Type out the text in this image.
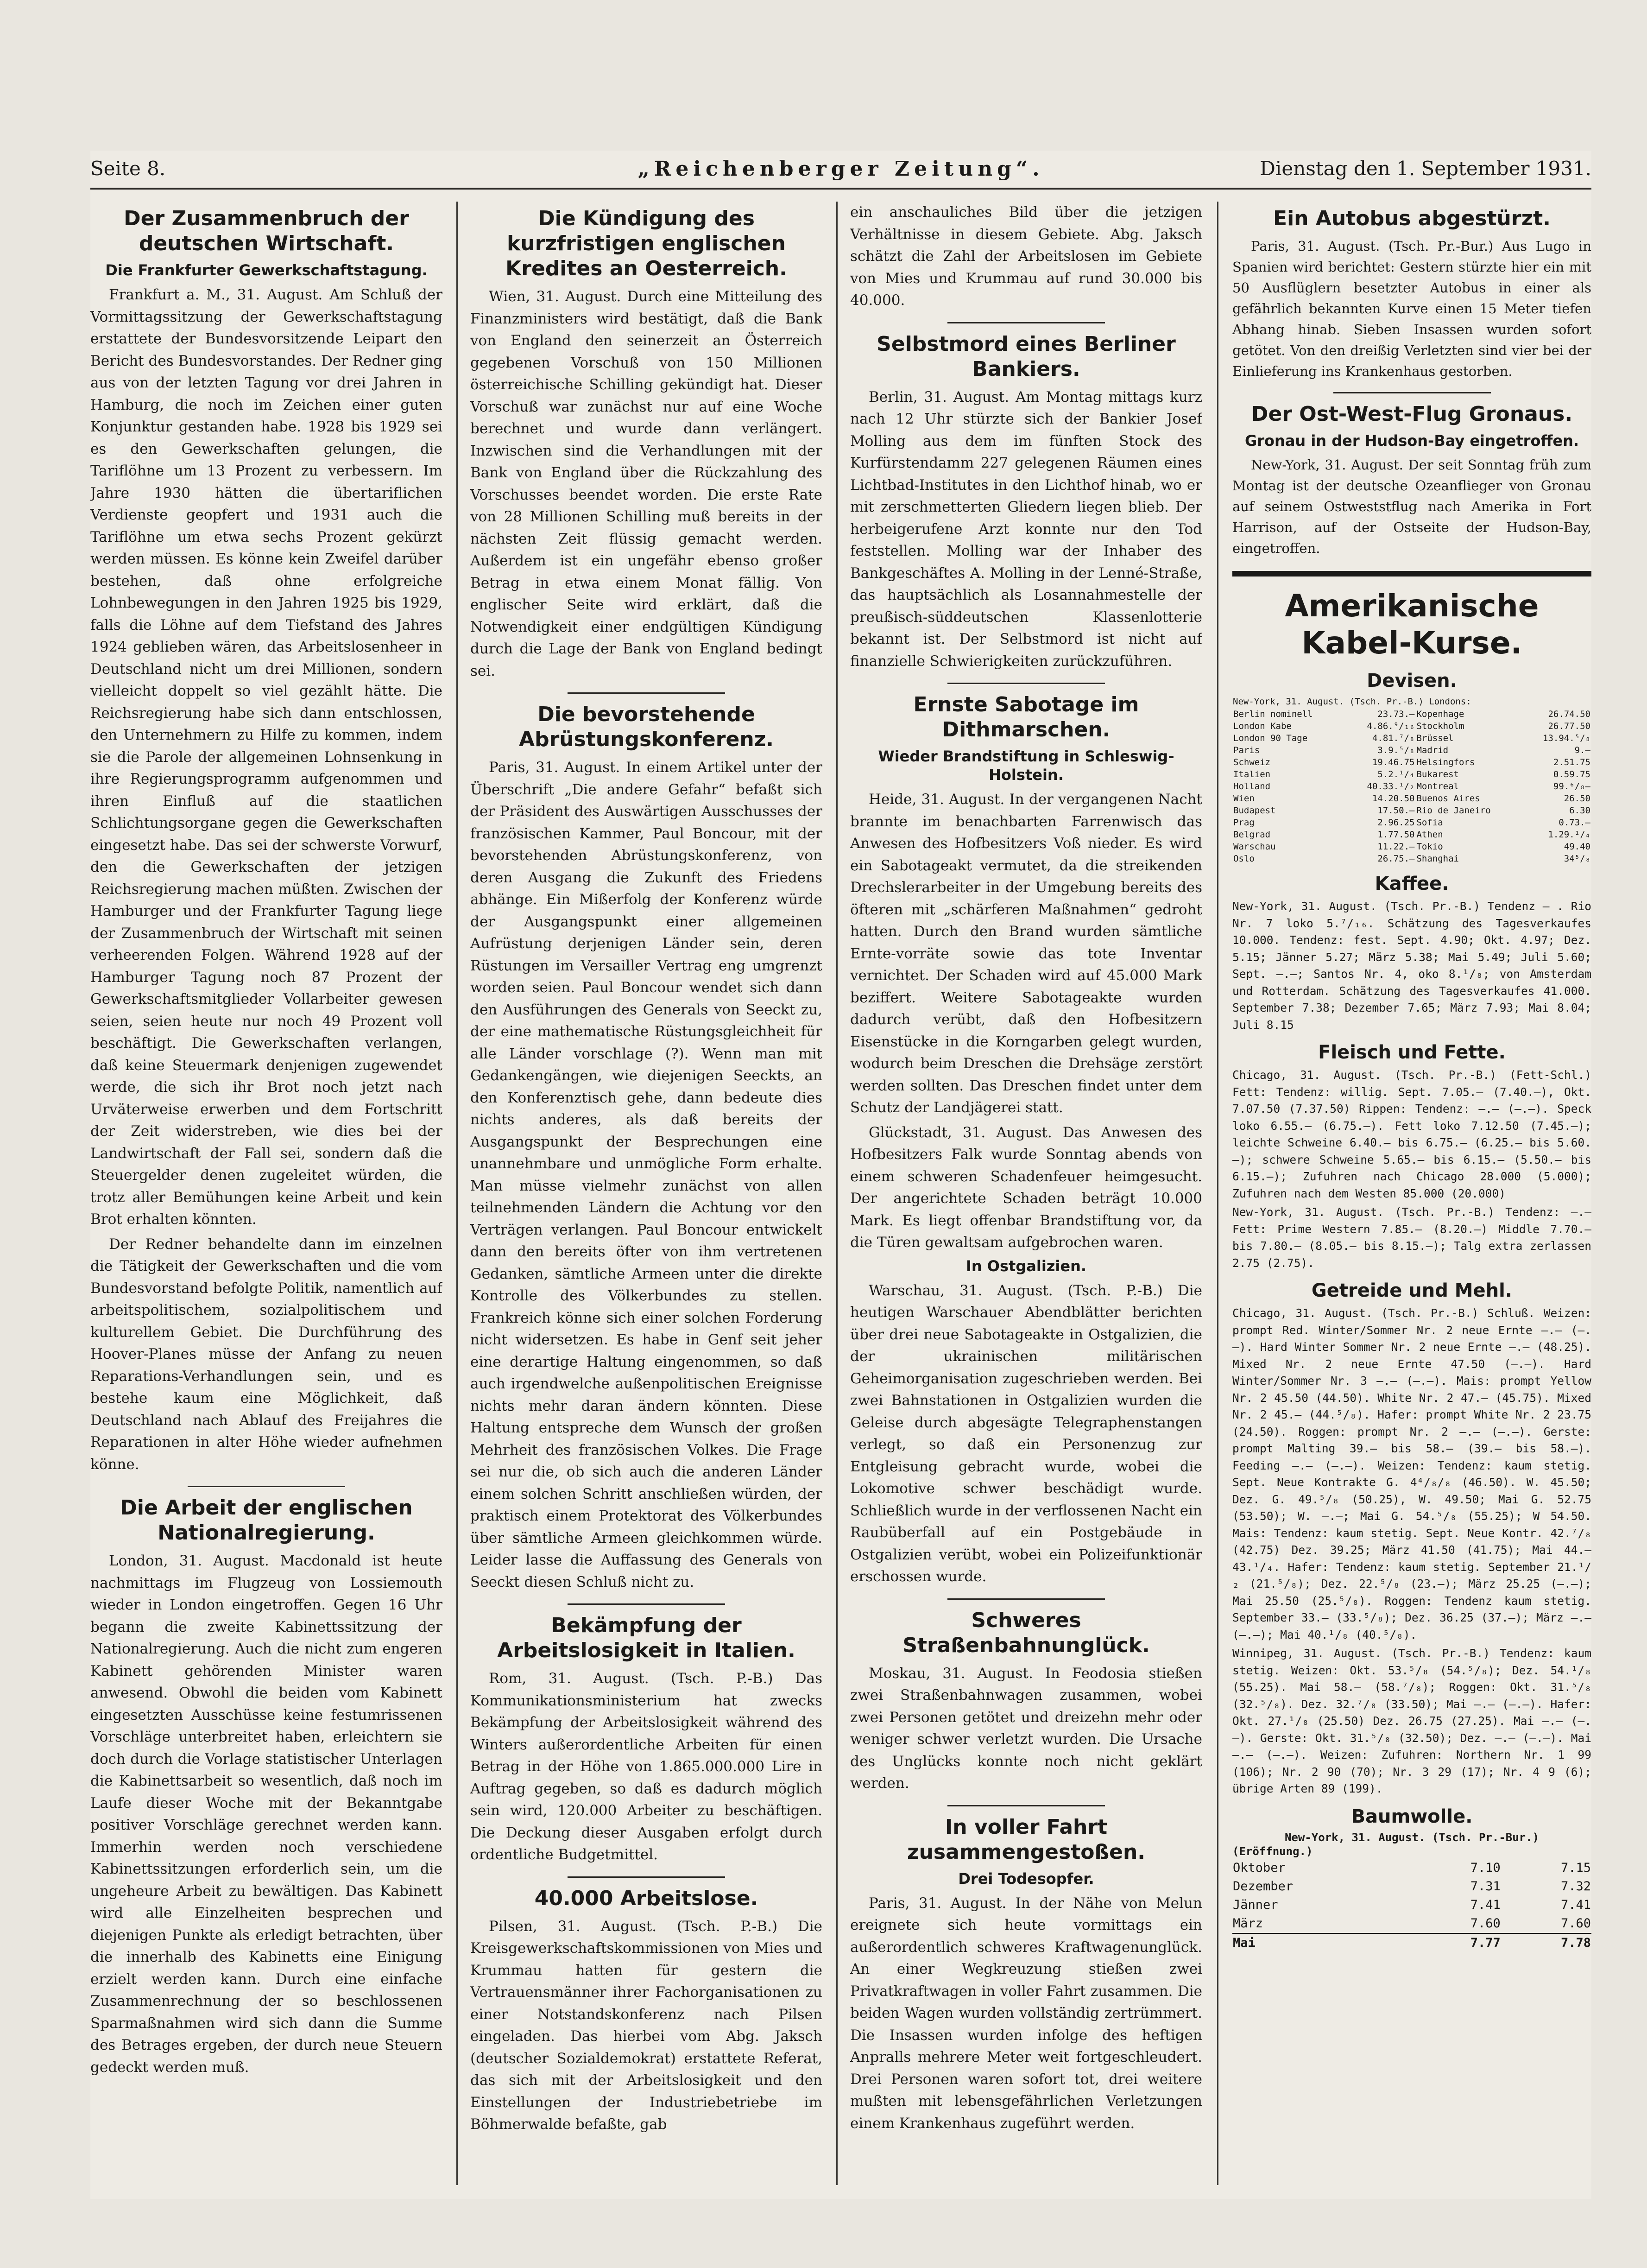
Seite 8.	„Reichenberger Zeitung“.	Dienstag den 1. September 1931.
Der Zusammenbruch der deutschen Wirtschaft.
Die Frankfurter Gewerkschaftstagung.

Frankfurt a. M., 31. August. Am Schluß der Vormittagssitzung der Gewerkschaftstagung erstattete der Bundesvorsitzende Leipart den Bericht des Bundesvorstandes. Der Redner ging aus von der letzten Tagung vor drei Jahren in Hamburg, die noch im Zeichen einer guten Konjunktur gestanden habe. 1928 bis 1929 sei es den Gewerkschaften gelungen, die Tariflöhne um 13 Prozent zu verbessern. Im Jahre 1930 hätten die übertariflichen Verdienste geopfert und 1931 auch die Tariflöhne um etwa sechs Prozent gekürzt werden müssen. Es könne kein Zweifel darüber bestehen, daß ohne erfolgreiche Lohnbewegungen in den Jahren 1925 bis 1929, falls die Löhne auf dem Tiefstand des Jahres 1924 geblieben wären, das Arbeitslosenheer in Deutschland nicht um drei Millionen, sondern vielleicht doppelt so viel gezählt hätte. Die Reichsregierung habe sich dann entschlossen, den Unternehmern zu Hilfe zu kommen, indem sie die Parole der allgemeinen Lohnsenkung in ihre Regierungsprogramm aufgenommen und ihren Einfluß auf die staatlichen Schlichtungsorgane gegen die Gewerkschaften eingesetzt habe. Das sei der schwerste Vorwurf, den die Gewerkschaften der jetzigen Reichsregierung machen müßten. Zwischen der Hamburger und der Frankfurter Tagung liege der Zusammenbruch der Wirtschaft mit seinen verheerenden Folgen. Während 1928 auf der Hamburger Tagung noch 87 Prozent der Gewerkschaftsmitglieder Vollarbeiter gewesen seien, seien heute nur noch 49 Prozent voll beschäftigt. Die Gewerkschaften verlangen, daß keine Steuermark denjenigen zugewendet werde, die sich ihr Brot noch jetzt nach Urväterweise erwerben und dem Fortschritt der Zeit widerstreben, wie dies bei der Landwirtschaft der Fall sei, sondern daß die Steuergelder denen zugeleitet würden, die trotz aller Bemühungen keine Arbeit und kein Brot erhalten könnten.

Der Redner behandelte dann im einzelnen die Tätigkeit der Gewerkschaften und die vom Bundesvorstand befolgte Politik, namentlich auf arbeitspolitischem, sozialpolitischem und kulturellem Gebiet. Die Durchführung des Hoover-Planes müsse der Anfang zu neuen Reparations-Verhandlungen sein, und es bestehe kaum eine Möglichkeit, daß Deutschland nach Ablauf des Freijahres die Reparationen in alter Höhe wieder aufnehmen könne.

Die Arbeit der englischen Nationalregierung.

London, 31. August. Macdonald ist heute nachmittags im Flugzeug von Lossiemouth wieder in London eingetroffen. Gegen 16 Uhr begann die zweite Kabinettssitzung der Nationalregierung. Auch die nicht zum engeren Kabinett gehörenden Minister waren anwesend. Obwohl die beiden vom Kabinett eingesetzten Ausschüsse keine festumrissenen Vorschläge unterbreitet haben, erleichtern sie doch durch die Vorlage statistischer Unterlagen die Kabinettsarbeit so wesentlich, daß noch im Laufe dieser Woche mit der Bekanntgabe positiver Vorschläge gerechnet werden kann. Immerhin werden noch verschiedene Kabinettssitzungen erforderlich sein, um die ungeheure Arbeit zu bewältigen. Das Kabinett wird alle Einzelheiten besprechen und diejenigen Punkte als erledigt betrachten, über die innerhalb des Kabinetts eine Einigung erzielt werden kann. Durch eine einfache Zusammenrechnung der so beschlossenen Sparmaßnahmen wird sich dann die Summe des Betrages ergeben, der durch neue Steuern gedeckt werden muß.

Die Kündigung des kurzfristigen englischen Kredites an Oesterreich.

Wien, 31. August. Durch eine Mitteilung des Finanzministers wird bestätigt, daß die Bank von England den seinerzeit an Österreich gegebenen Vorschuß von 150 Millionen österreichische Schilling gekündigt hat. Dieser Vorschuß war zunächst nur auf eine Woche berechnet und wurde dann verlängert. Inzwischen sind die Verhandlungen mit der Bank von England über die Rückzahlung des Vorschusses beendet worden. Die erste Rate von 28 Millionen Schilling muß bereits in der nächsten Zeit flüssig gemacht werden. Außerdem ist ein ungefähr ebenso großer Betrag in etwa einem Monat fällig. Von englischer Seite wird erklärt, daß die Notwendigkeit einer endgültigen Kündigung durch die Lage der Bank von England bedingt sei.

Die bevorstehende Abrüstungskonferenz.

Paris, 31. August. In einem Artikel unter der Überschrift „Die andere Gefahr“ befaßt sich der Präsident des Auswärtigen Ausschusses der französischen Kammer, Paul Boncour, mit der bevorstehenden Abrüstungskonferenz, von deren Ausgang die Zukunft des Friedens abhänge. Ein Mißerfolg der Konferenz würde der Ausgangspunkt einer allgemeinen Aufrüstung derjenigen Länder sein, deren Rüstungen im Versailler Vertrag eng umgrenzt worden seien. Paul Boncour wendet sich dann den Ausführungen des Generals von Seeckt zu, der eine mathematische Rüstungsgleichheit für alle Länder vorschlage (?). Wenn man mit Gedankengängen, wie diejenigen Seeckts, an den Konferenztisch gehe, dann bedeute dies nichts anderes, als daß bereits der Ausgangspunkt der Besprechungen eine unannehmbare und unmögliche Form erhalte. Man müsse vielmehr zunächst von allen teilnehmenden Ländern die Achtung vor den Verträgen verlangen. Paul Boncour entwickelt dann den bereits öfter von ihm vertretenen Gedanken, sämtliche Armeen unter die direkte Kontrolle des Völkerbundes zu stellen. Frankreich könne sich einer solchen Forderung nicht widersetzen. Es habe in Genf seit jeher eine derartige Haltung eingenommen, so daß auch irgendwelche außenpolitischen Ereignisse nichts mehr daran ändern könnten. Diese Haltung entspreche dem Wunsch der großen Mehrheit des französischen Volkes. Die Frage sei nur die, ob sich auch die anderen Länder einem solchen Schritt anschließen würden, der praktisch einem Protektorat des Völkerbundes über sämtliche Armeen gleichkommen würde. Leider lasse die Auffassung des Generals von Seeckt diesen Schluß nicht zu.

Bekämpfung der Arbeitslosigkeit in Italien.

Rom, 31. August. (Tsch. P.-B.) Das Kommunikationsministerium hat zwecks Bekämpfung der Arbeitslosigkeit während des Winters außerordentliche Arbeiten für einen Betrag in der Höhe von 1.865.000.000 Lire in Auftrag gegeben, so daß es dadurch möglich sein wird, 120.000 Arbeiter zu beschäftigen. Die Deckung dieser Ausgaben erfolgt durch ordentliche Budgetmittel.

40.000 Arbeitslose.

Pilsen, 31. August. (Tsch. P.-B.) Die Kreisgewerkschaftskommissionen von Mies und Krummau hatten für gestern die Vertrauensmänner ihrer Fachorganisationen zu einer Notstandskonferenz nach Pilsen eingeladen. Das hierbei vom Abg. Jaksch (deutscher Sozialdemokrat) erstattete Referat, das sich mit der Arbeitslosigkeit und den Einstellungen der Industriebetriebe im Böhmerwalde befaßte, gab

ein anschauliches Bild über die jetzigen Verhältnisse in diesem Gebiete. Abg. Jaksch schätzt die Zahl der Arbeitslosen im Gebiete von Mies und Krummau auf rund 30.000 bis 40.000.

Selbstmord eines Berliner Bankiers.

Berlin, 31. August. Am Montag mittags kurz nach 12 Uhr stürzte sich der Bankier Josef Molling aus dem im fünften Stock des Kurfürstendamm 227 gelegenen Räumen eines Lichtbad-Institutes in den Lichthof hinab, wo er mit zerschmetterten Gliedern liegen blieb. Der herbeigerufene Arzt konnte nur den Tod feststellen. Molling war der Inhaber des Bankgeschäftes A. Molling in der Lenné-Straße, das hauptsächlich als Losannahmestelle der preußisch-süddeutschen Klassenlotterie bekannt ist. Der Selbstmord ist nicht auf finanzielle Schwierigkeiten zurückzuführen.

Ernste Sabotage im Dithmarschen.
Wieder Brandstiftung in Schleswig-Holstein.

Heide, 31. August. In der vergangenen Nacht brannte im benachbarten Farrenwisch das Anwesen des Hofbesitzers Voß nieder. Es wird ein Sabotageakt vermutet, da die streikenden Drechslerarbeiter in der Umgebung bereits des öfteren mit „schärferen Maßnahmen“ gedroht hatten. Durch den Brand wurden sämtliche Ernte-vorräte sowie das tote Inventar vernichtet. Der Schaden wird auf 45.000 Mark beziffert. Weitere Sabotageakte wurden dadurch verübt, daß den Hofbesitzern Eisenstücke in die Korngarben gelegt wurden, wodurch beim Dreschen die Drehsäge zerstört werden sollten. Das Dreschen findet unter dem Schutz der Landjägerei statt.

Glückstadt, 31. August. Das Anwesen des Hofbesitzers Falk wurde Sonntag abends von einem schweren Schadenfeuer heimgesucht. Der angerichtete Schaden beträgt 10.000 Mark. Es liegt offenbar Brandstiftung vor, da die Türen gewaltsam aufgebrochen waren.

In Ostgalizien.

Warschau, 31. August. (Tsch. P.-B.) Die heutigen Warschauer Abendblätter berichten über drei neue Sabotageakte in Ostgalizien, die der ukrainischen militärischen Geheimorganisation zugeschrieben werden. Bei zwei Bahnstationen in Ostgalizien wurden die Geleise durch abgesägte Telegraphenstangen verlegt, so daß ein Personenzug zur Entgleisung gebracht wurde, wobei die Lokomotive schwer beschädigt wurde. Schließlich wurde in der verflossenen Nacht ein Raubüberfall auf ein Postgebäude in Ostgalizien verübt, wobei ein Polizeifunktionär erschossen wurde.

Schweres Straßenbahnunglück.

Moskau, 31. August. In Feodosia stießen zwei Straßenbahnwagen zusammen, wobei zwei Personen getötet und dreizehn mehr oder weniger schwer verletzt wurden. Die Ursache des Unglücks konnte noch nicht geklärt werden.

In voller Fahrt zusammengestoßen.
Drei Todesopfer.

Paris, 31. August. In der Nähe von Melun ereignete sich heute vormittags ein außerordentlich schweres Kraftwagenunglück. An einer Wegkreuzung stießen zwei Privatkraftwagen in voller Fahrt zusammen. Die beiden Wagen wurden vollständig zertrümmert. Die Insassen wurden infolge des heftigen Anpralls mehrere Meter weit fortgeschleudert. Drei Personen waren sofort tot, drei weitere mußten mit lebensgefährlichen Verletzungen einem Krankenhaus zugeführt werden.

Ein Autobus abgestürzt.

Paris, 31. August. (Tsch. Pr.-Bur.) Aus Lugo in Spanien wird berichtet: Gestern stürzte hier ein mit 50 Ausflüglern besetzter Autobus in einer als gefährlich bekannten Kurve einen 15 Meter tiefen Abhang hinab. Sieben Insassen wurden sofort getötet. Von den dreißig Verletzten sind vier bei der Einlieferung ins Krankenhaus gestorben.

Der Ost-West-Flug Gronaus.
Gronau in der Hudson-Bay eingetroffen.

New-York, 31. August. Der seit Sonntag früh zum Montag ist der deutsche Ozeanflieger von Gronau auf seinem Ostweststflug nach Amerika in Fort Harrison, auf der Ostseite der Hudson-Bay, eingetroffen.

Amerikanische Kabel-Kurse.
Devisen.
New-York, 31. August. (Tsch. Pr.-B.) Londons:			
Berlin nominell	23.73.—	Kopenhage	26.74.50
London Kabe	4.86.⁹/₁₆	Stockholm	26.77.50
London 90 Tage	4.81.⁷/₈	Brüssel	13.94.⁵/₈
Paris	3.9.⁵/₈	Madrid	9.—
Schweiz	19.46.75	Helsingfors	2.51.75
Italien	5.2.¹/₄	Bukarest	0.59.75
Holland	40.33.¹/₂	Montreal	99.⁶/₈—
Wien	14.20.50	Buenos Aires	26.50
Budapest	17.50.—	Rio de Janeiro	6.30
Prag	2.96.25	Sofia	0.73.—
Belgrad	1.77.50	Athen	1.29.¹/₄
Warschau	11.22.—	Tokio	49.40
Oslo	26.75.—	Shanghai	34⁵/₈
Kaffee.

New-York, 31. August. (Tsch. Pr.-B.) Tendenz — . Rio Nr. 7 loko 5.⁷/₁₆. Schätzung des Tagesverkaufes 10.000. Tendenz: fest. Sept. 4.90; Okt. 4.97; Dez. 5.15; Jänner 5.27; März 5.38; Mai 5.49; Juli 5.60; Sept. —.—; Santos Nr. 4, oko 8.¹/₈; von Amsterdam und Rotterdam. Schätzung des Tagesverkaufes 41.000. September 7.38; Dezember 7.65; März 7.93; Mai 8.04; Juli 8.15

Fleisch und Fette.

Chicago, 31. August. (Tsch. Pr.-B.) (Fett-Schl.) Fett: Tendenz: willig. Sept. 7.05.— (7.40.—), Okt. 7.07.50 (7.37.50) Rippen: Tendenz: —.— (—.—). Speck loko 6.55.— (6.75.—). Fett loko 7.12.50 (7.45.—); leichte Schweine 6.40.— bis 6.75.— (6.25.— bis 5.60.—); schwere Schweine 5.65.— bis 6.15.— (5.50.— bis 6.15.—); Zufuhren nach Chicago 28.000 (5.000); Zufuhren nach dem Westen 85.000 (20.000)

New-York, 31. August. (Tsch. Pr.-B.) Tendenz: —.— Fett: Prime Western 7.85.— (8.20.—) Middle 7.70.— bis 7.80.— (8.05.— bis 8.15.—); Talg extra zerlassen 2.75 (2.75).

Getreide und Mehl.

Chicago, 31. August. (Tsch. Pr.-B.) Schluß. Weizen: prompt Red. Winter/Sommer Nr. 2 neue Ernte —.— (—.—). Hard Winter Sommer Nr. 2 neue Ernte —.— (48.25). Mixed Nr. 2 neue Ernte 47.50 (—.—). Hard Winter/Sommer Nr. 3 —.— (—.—). Mais: prompt Yellow Nr. 2 45.50 (44.50). White Nr. 2 47.— (45.75). Mixed Nr. 2 45.— (44.⁵/₈). Hafer: prompt White Nr. 2 23.75 (24.50). Roggen: prompt Nr. 2 —.— (—.—). Gerste: prompt Malting 39.— bis 58.— (39.— bis 58.—). Feeding —.— (—.—). Weizen: Tendenz: kaum stetig. Sept. Neue Kontrakte G. 4⁴/₈/₈ (46.50). W. 45.50; Dez. G. 49.⁵/₈ (50.25), W. 49.50; Mai G. 52.75 (53.50); W. —.—; Mai G. 54.⁵/₈ (55.25); W 54.50. Mais: Tendenz: kaum stetig. Sept. Neue Kontr. 42.⁷/₈ (42.75) Dez. 39.25; März 41.50 (41.75); Mai 44.— 43.¹/₄. Hafer: Tendenz: kaum stetig. September 21.¹/₂ (21.⁵/₈); Dez. 22.⁵/₈ (23.—); März 25.25 (—.—); Mai 25.50 (25.⁵/₈). Roggen: Tendenz kaum stetig. September 33.— (33.⁵/₈); Dez. 36.25 (37.—); März —.— (—.—); Mai 40.¹/₈ (40.⁵/₈).

Winnipeg, 31. August. (Tsch. Pr.-B.) Tendenz: kaum stetig. Weizen: Okt. 53.⁵/₈ (54.⁵/₈); Dez. 54.¹/₈ (55.25). Mai 58.— (58.⁷/₈); Roggen: Okt. 31.⁵/₈ (32.⁵/₈). Dez. 32.⁷/₈ (33.50); Mai —.— (—.—). Hafer: Okt. 27.¹/₈ (25.50) Dez. 26.75 (27.25). Mai —.— (—.—). Gerste: Okt. 31.⁵/₈ (32.50); Dez. —.— (—.—). Mai —.— (—.—). Weizen: Zufuhren: Northern Nr. 1 99 (106); Nr. 2 90 (70); Nr. 3 29 (17); Nr. 4 9 (6); übrige Arten 89 (199).

Baumwolle.
New-York, 31. August. (Tsch. Pr.-Bur.)
(Eröffnung.)
Oktober	7.10	7.15
Dezember	7.31	7.32
Jänner	7.41	7.41
März	7.60	7.60
Mai	7.77	7.78
